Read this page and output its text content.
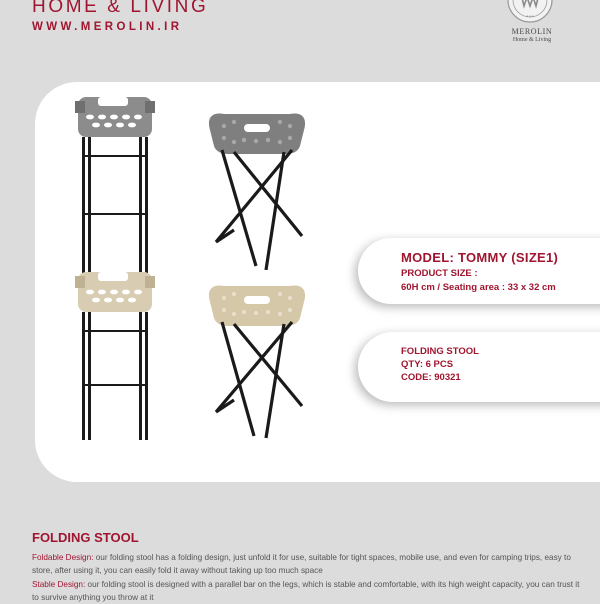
HOME & LIVING
WWW.MEROLIN.IR
● ● ●
MEROLIN
Home & Living
MODEL: TOMMY (SIZE1)
PRODUCT SIZE :
60H cm / Seating area : 33 x 32 cm
FOLDING STOOL
QTY: 6 PCS
CODE: 90321
FOLDING STOOL
Foldable Design: our folding stool has a folding design, just unfold it for use, suitable for tight spaces, mobile use, and even for camping trips, easy to store, after using it, you can easily fold it away without taking up too much space
Stable Design: our folding stool is designed with a parallel bar on the legs, which is stable and comfortable, with its high weight capacity, you can trust it to survive anything you throw at it
